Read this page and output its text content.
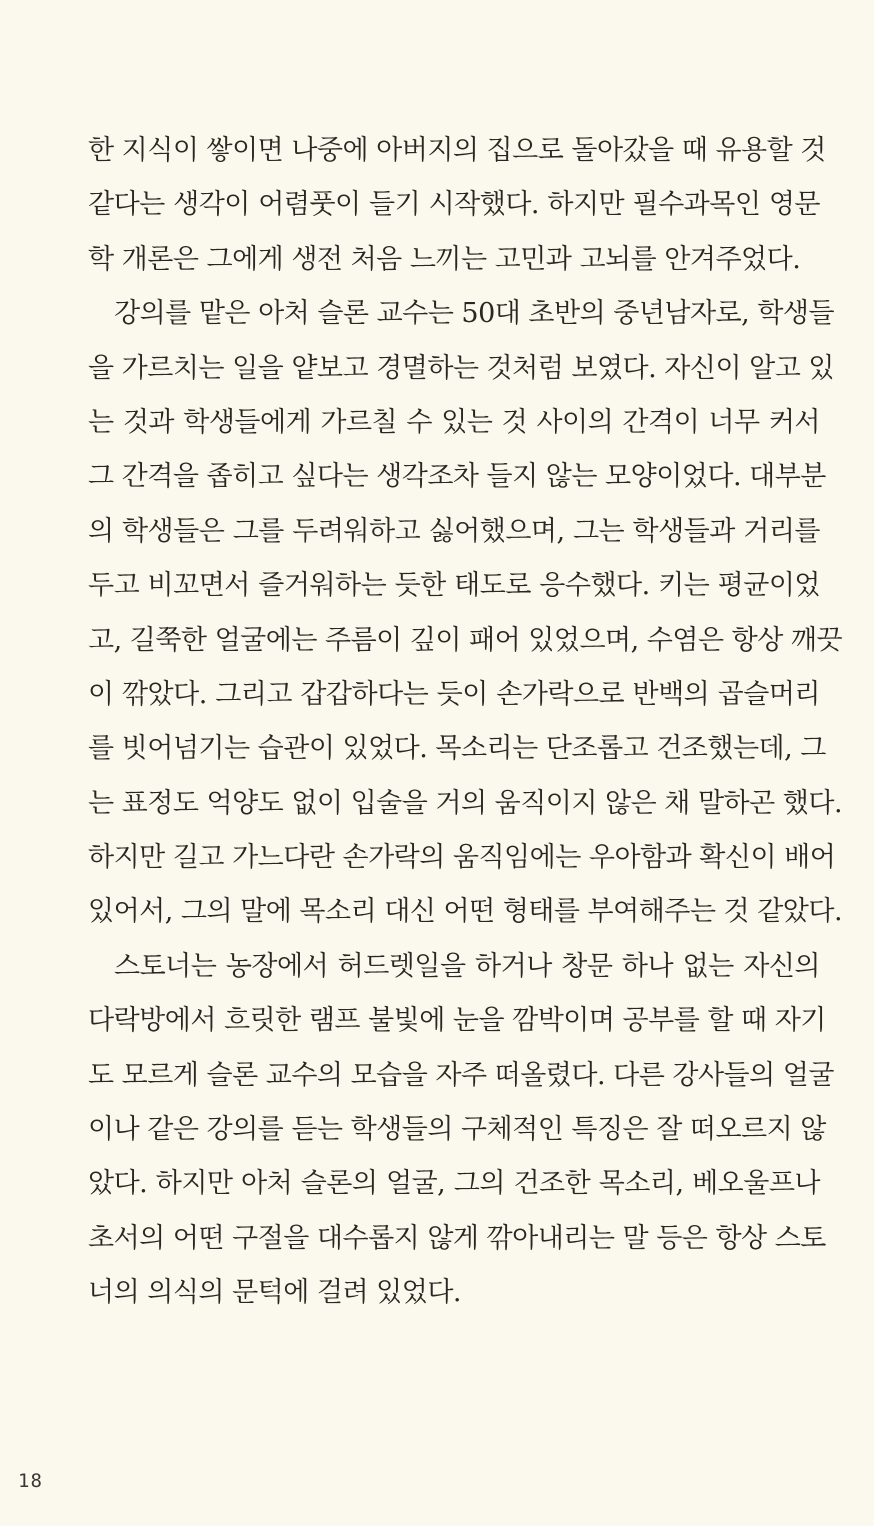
한 지식이 쌓이면 나중에 아버지의 집으로 돌아갔을 때 유용할 것
같다는 생각이 어렴풋이 들기 시작했다. 하지만 필수과목인 영문
학 개론은 그에게 생전 처음 느끼는 고민과 고뇌를 안겨주었다.
강의를 맡은 아처 슬론 교수는 50대 초반의 중년남자로, 학생들
을 가르치는 일을 얕보고 경멸하는 것처럼 보였다. 자신이 알고 있
는 것과 학생들에게 가르칠 수 있는 것 사이의 간격이 너무 커서
그 간격을 좁히고 싶다는 생각조차 들지 않는 모양이었다. 대부분
의 학생들은 그를 두려워하고 싫어했으며, 그는 학생들과 거리를
두고 비꼬면서 즐거워하는 듯한 태도로 응수했다. 키는 평균이었
고, 길쭉한 얼굴에는 주름이 깊이 패어 있었으며, 수염은 항상 깨끗
이 깎았다. 그리고 갑갑하다는 듯이 손가락으로 반백의 곱슬머리
를 빗어넘기는 습관이 있었다. 목소리는 단조롭고 건조했는데, 그
는 표정도 억양도 없이 입술을 거의 움직이지 않은 채 말하곤 했다.
하지만 길고 가느다란 손가락의 움직임에는 우아함과 확신이 배어
있어서, 그의 말에 목소리 대신 어떤 형태를 부여해주는 것 같았다.
스토너는 농장에서 허드렛일을 하거나 창문 하나 없는 자신의
다락방에서 흐릿한 램프 불빛에 눈을 깜박이며 공부를 할 때 자기
도 모르게 슬론 교수의 모습을 자주 떠올렸다. 다른 강사들의 얼굴
이나 같은 강의를 듣는 학생들의 구체적인 특징은 잘 떠오르지 않
았다. 하지만 아처 슬론의 얼굴, 그의 건조한 목소리, 베오울프나
초서의 어떤 구절을 대수롭지 않게 깎아내리는 말 등은 항상 스토
너의 의식의 문턱에 걸려 있었다.
18
